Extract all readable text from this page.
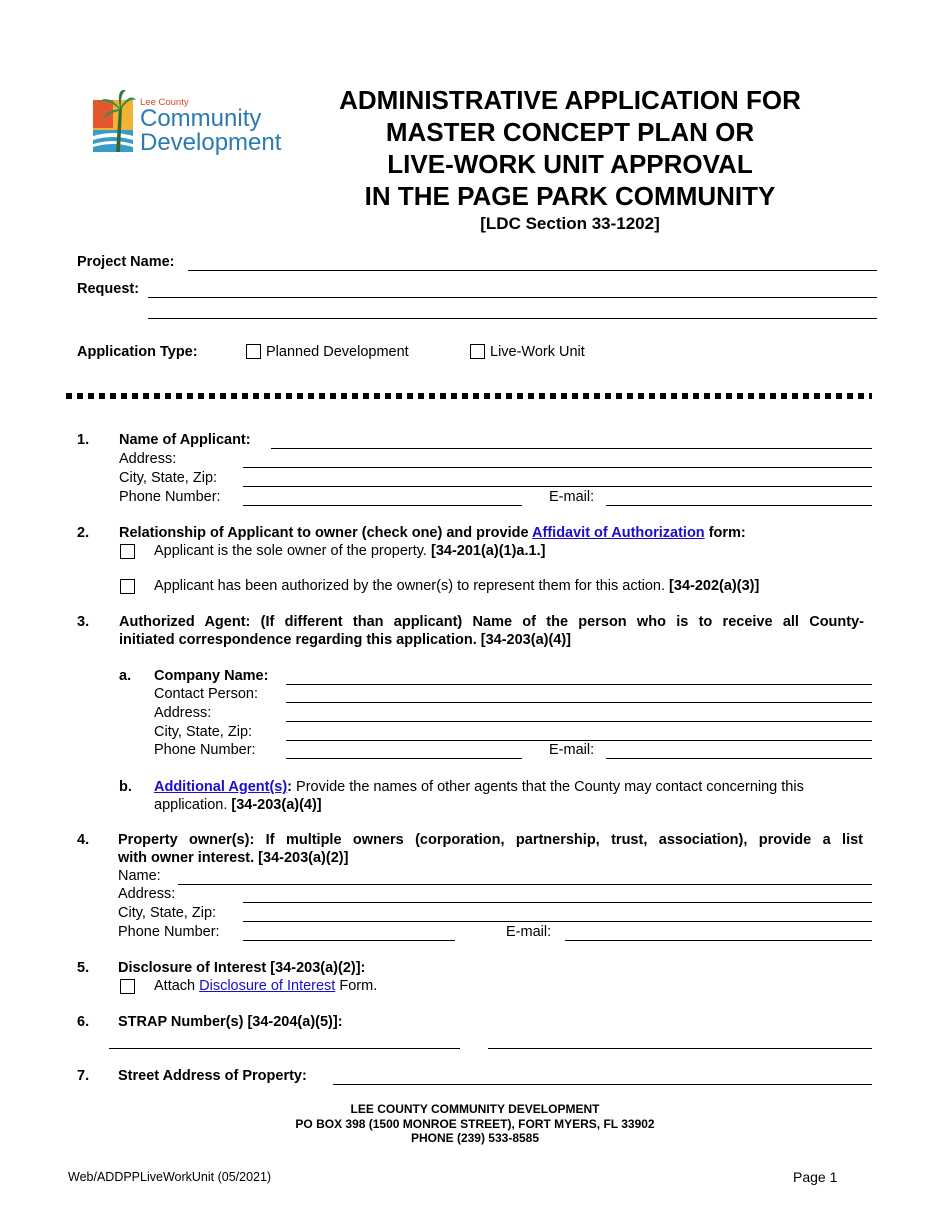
Lee County
Community
Development
ADMINISTRATIVE APPLICATION FOR
MASTER CONCEPT PLAN OR
LIVE-WORK UNIT APPROVAL
IN THE PAGE PARK COMMUNITY
[LDC Section 33-1202]
Project Name:
Request:
Application Type:	Planned Development	Live-Work Unit
1. Name of Applicant:
Address:
City, State, Zip:
Phone Number:	E-mail:
2. Relationship of Applicant to owner (check one) and provide Affidavit of Authorization form:
Applicant is the sole owner of the property. [34-201(a)(1)a.1.]
Applicant has been authorized by the owner(s) to represent them for this action. [34-202(a)(3)]
3. Authorized Agent: (If different than applicant) Name of the person who is to receive all County-
initiated correspondence regarding this application. [34-203(a)(4)]
a. Company Name:
Contact Person:
Address:
City, State, Zip:
Phone Number:	E-mail:
b. Additional Agent(s): Provide the names of other agents that the County may contact concerning this
application. [34-203(a)(4)]
4. Property owner(s): If multiple owners (corporation, partnership, trust, association), provide a list
with owner interest. [34-203(a)(2)]
Name:
Address:
City, State, Zip:
Phone Number:	E-mail:
5. Disclosure of Interest [34-203(a)(2)]:
Attach Disclosure of Interest Form.
6. STRAP Number(s) [34-204(a)(5)]:
7. Street Address of Property:
LEE COUNTY COMMUNITY DEVELOPMENT
PO BOX 398 (1500 MONROE STREET), FORT MYERS, FL 33902
PHONE (239) 533-8585
Web/ADDPPLiveWorkUnit (05/2021)	Page 1
